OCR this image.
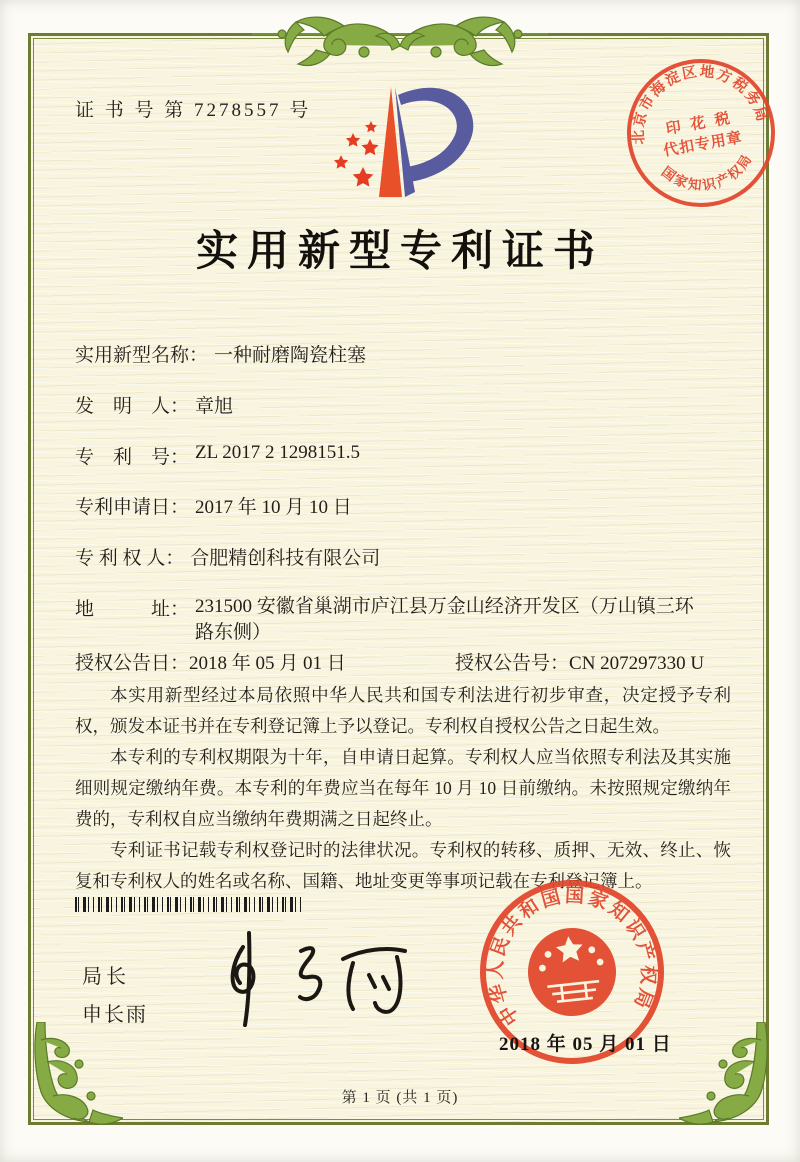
证 书 号 第 7278557 号
北京市海淀区地方税务局
国家知识产权局
印 花 税
代扣专用章
实用新型专利证书
实用新型名称： 一种耐磨陶瓷柱塞
发　明　人： 章旭
专　利　号： ZL 2017 2 1298151.5
专利申请日： 2017 年 10 月 10 日
专 利 权 人： 合肥精创科技有限公司
地　　　址： 231500 安徽省巢湖市庐江县万金山经济开发区（万山镇三环路东侧）
授权公告日：2018 年 05 月 01 日	授权公告号：CN 207297330 U

本实用新型经过本局依照中华人民共和国专利法进行初步审查，决定授予专利权，颁发本证书并在专利登记簿上予以登记。专利权自授权公告之日起生效。

本专利的专利权期限为十年，自申请日起算。专利权人应当依照专利法及其实施细则规定缴纳年费。本专利的年费应当在每年 10 月 10 日前缴纳。未按照规定缴纳年费的，专利权自应当缴纳年费期满之日起终止。

专利证书记载专利权登记时的法律状况。专利权的转移、质押、无效、终止、恢复和专利权人的姓名或名称、国籍、地址变更等事项记载在专利登记簿上。

局长
申长雨	中华人民共和国国家知识产权局
2018 年 05 月 01 日
第 1 页 (共 1 页)
